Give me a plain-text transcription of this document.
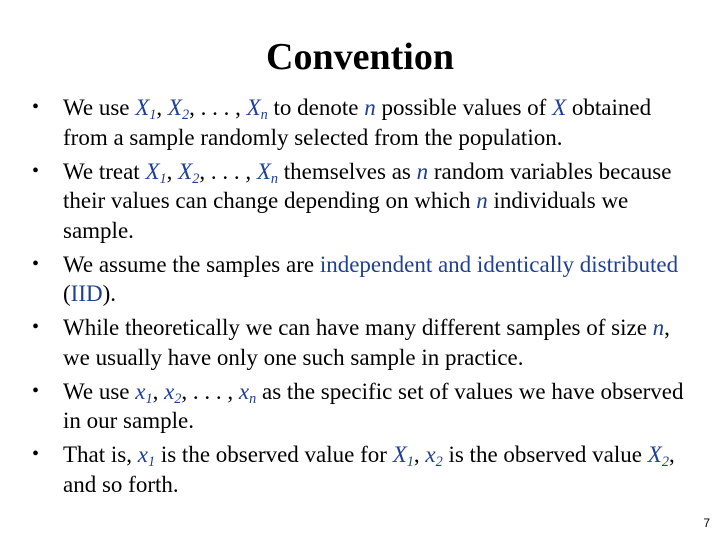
Convention
• We use $X_1$, $X_2$, . . . , $X_n$ to denote n possible values of X obtained from a sample randomly selected from the population.
• We treat $X_1$, $X_2$, . . . , $X_n$ themselves as n random variables because their values can change depending on which n individuals we sample.
• We assume the samples are independent and identically distributed (IID).
• While theoretically we can have many different samples of size n, we usually have only one such sample in practice.
• We use $x_1$, $x_2$, . . . , $x_n$ as the specific set of values we have observed in our sample.
• That is, $x_1$ is the observed value for $X_1$, $x_2$ is the observed value $X_2$, and so forth.
7
